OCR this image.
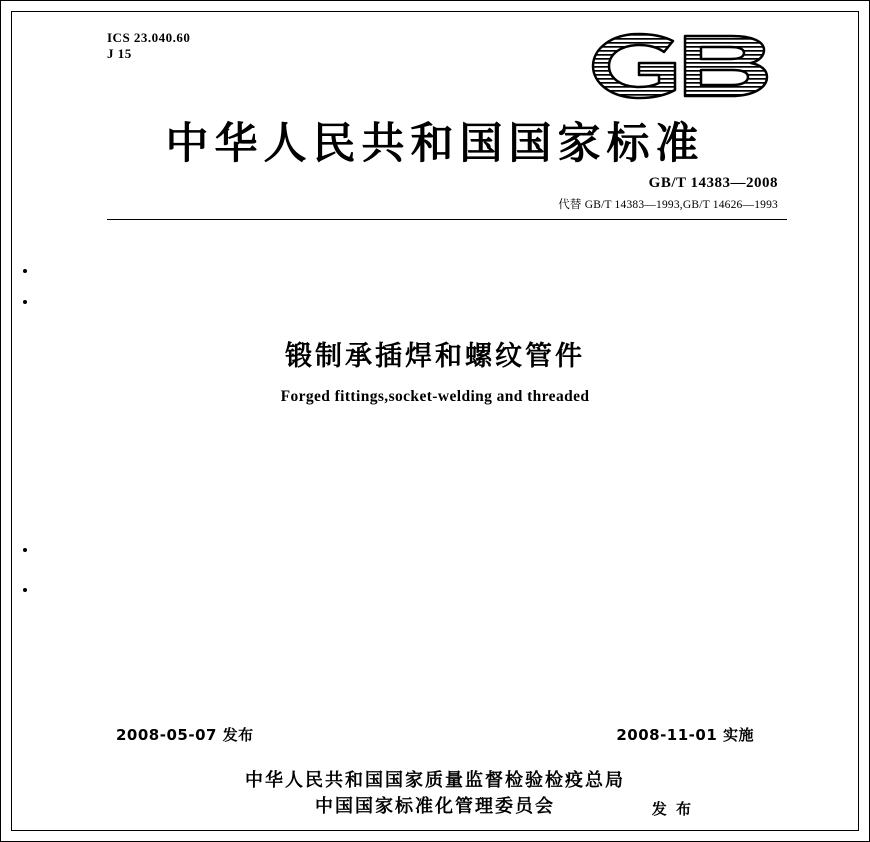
ICS 23.040.60
J 15
中华人民共和国国家标准
GB/T 14383—2008
代替 GB/T 14383—1993,GB/T 14626—1993
锻制承插焊和螺纹管件
Forged fittings,socket-welding and threaded
2008-05-07 发布	2008-11-01 实施
中华人民共和国国家质量监督检验检疫总局
中国国家标准化管理委员会	发 布
